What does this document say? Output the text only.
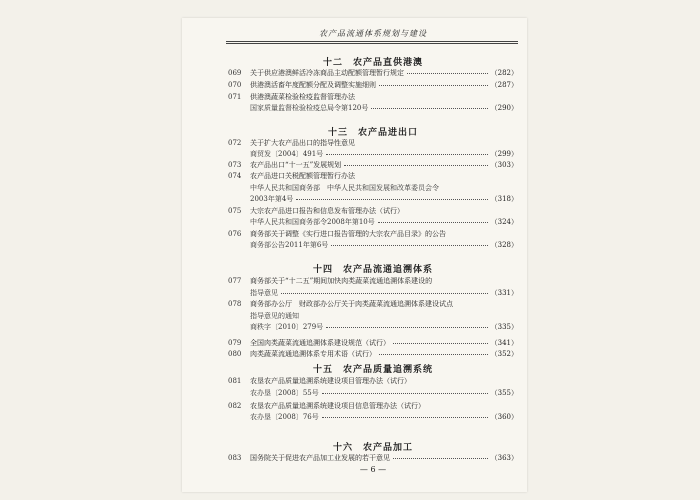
农产品流通体系规划与建设
十二　农产品直供港澳
069	关于供应港澳鲜活冷冻商品主动配额管理暂行规定	（282）
070	供港澳活畜年度配额分配及调整实施细则	（287）
071	供港澳蔬菜检验检疫监督管理办法
国家质量监督检验检疫总局令第120号	（290）
十三　农产品进出口
072	关于扩大农产品出口的指导性意见
商贸发〔2004〕491号	（299）
073	农产品出口“十一五”发展规划	（303）
074	农产品进口关税配额管理暂行办法
中华人民共和国商务部　中华人民共和国发展和改革委员会令
2003年第4号	（318）
075	大宗农产品进口报告和信息发布管理办法（试行）
中华人民共和国商务部令2008年第10号	（324）
076	商务部关于调整《实行进口报告管理的大宗农产品目录》的公告
商务部公告2011年第6号	（328）
十四　农产品流通追溯体系
077	商务部关于“十二五”期间加快肉类蔬菜流通追溯体系建设的
指导意见	（331）
078	商务部办公厅　财政部办公厅关于肉类蔬菜流通追溯体系建设试点
指导意见的通知
商秩字〔2010〕279号	（335）
079	全国肉类蔬菜流通追溯体系建设规范（试行）	（341）
080	肉类蔬菜流通追溯体系专用术语（试行）	（352）
十五　农产品质量追溯系统
081	农垦农产品质量追溯系统建设项目管理办法（试行）
农办垦〔2008〕55号	（355）
082	农垦农产品质量追溯系统建设项目信息管理办法（试行）
农办垦〔2008〕76号	（360）
十六　农产品加工
083	国务院关于促进农产品加工业发展的若干意见	（363）
— 6 —
